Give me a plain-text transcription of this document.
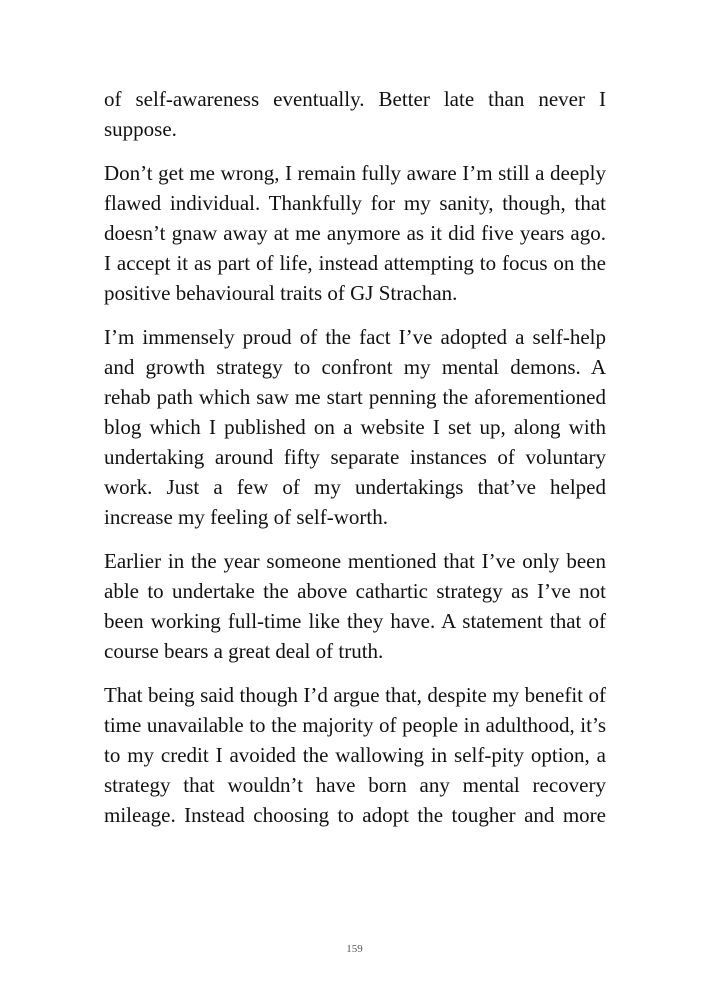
of self-awareness eventually. Better late than never I suppose.

Don’t get me wrong, I remain fully aware I’m still a deeply flawed individual. Thankfully for my sanity, though, that doesn’t gnaw away at me anymore as it did five years ago. I accept it as part of life, instead attempting to focus on the positive behavioural traits of GJ Strachan.

I’m immensely proud of the fact I’ve adopted a self-help and growth strategy to confront my mental demons. A rehab path which saw me start penning the aforementioned blog which I published on a website I set up, along with undertaking around fifty separate instances of voluntary work. Just a few of my undertakings that’ve helped increase my feeling of self-worth.

Earlier in the year someone mentioned that I’ve only been able to undertake the above cathartic strategy as I’ve not been working full-time like they have. A statement that of course bears a great deal of truth.

That being said though I’d argue that, despite my benefit of time unavailable to the majority of people in adulthood, it’s to my credit I avoided the wallowing in self-pity option, a strategy that wouldn’t have born any mental recovery mileage. Instead choosing to adopt the tougher and more

159
